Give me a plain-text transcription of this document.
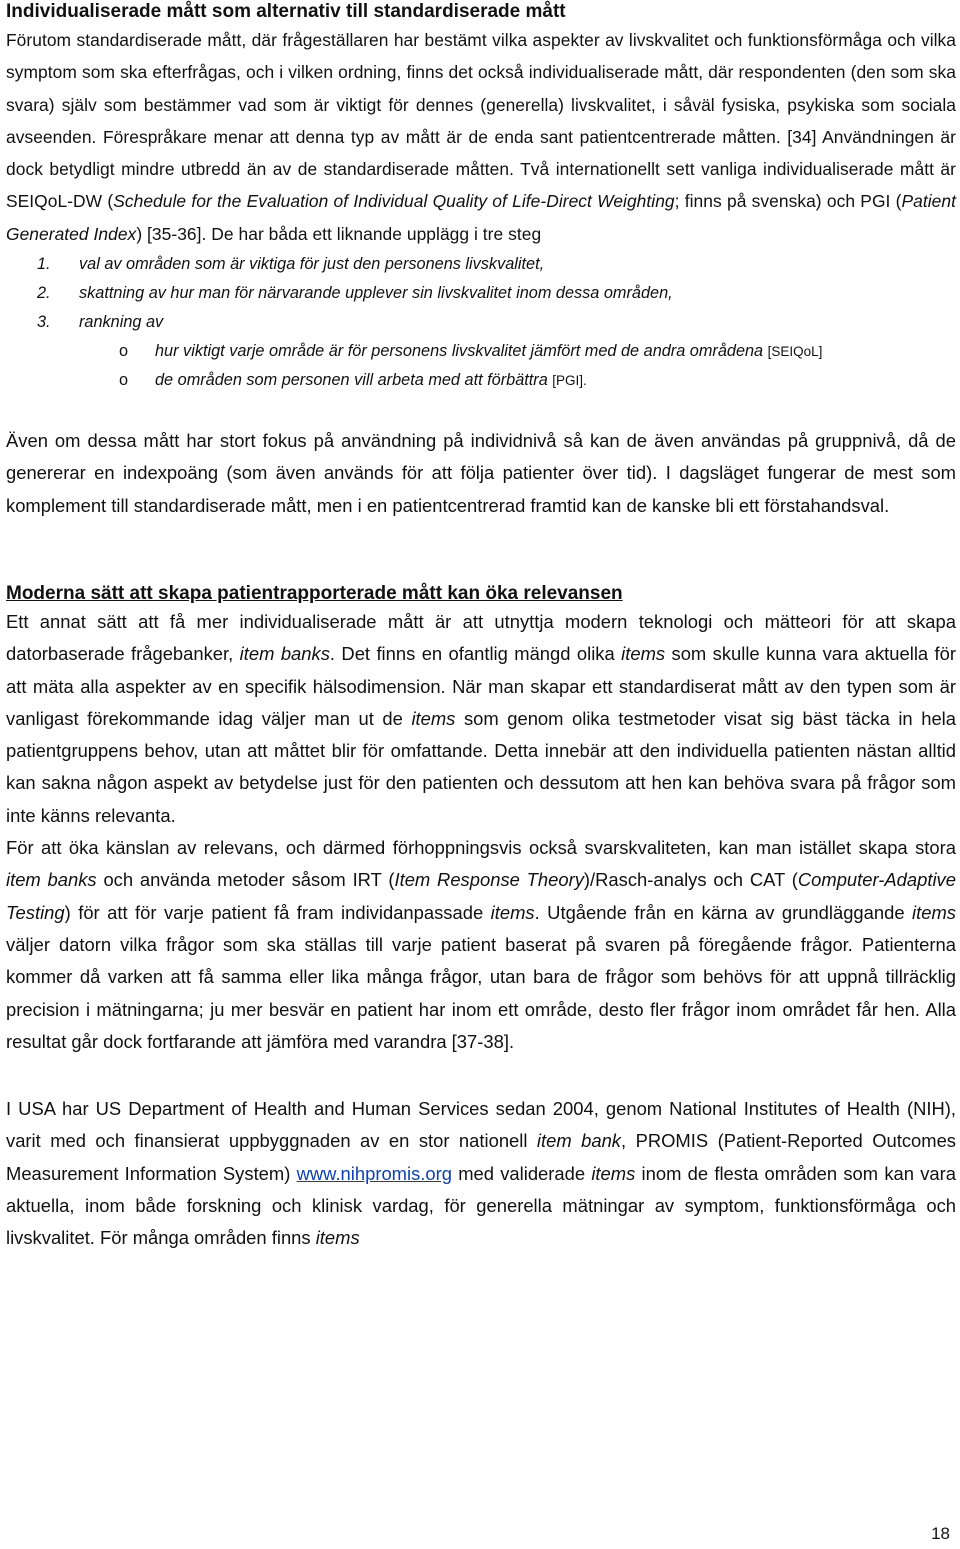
Individualiserade mått som alternativ till standardiserade mått

Förutom standardiserade mått, där frågeställaren har bestämt vilka aspekter av livskvalitet och funktionsförmåga och vilka symptom som ska efterfrågas, och i vilken ordning, finns det också individualiserade mått, där respondenten (den som ska svara) själv som bestämmer vad som är viktigt för dennes (generella) livskvalitet, i såväl fysiska, psykiska som sociala avseenden. Förespråkare menar att denna typ av mått är de enda sant patientcentrerade måtten. [34] Användningen är dock betydligt mindre utbredd än av de standardiserade måtten. Två internationellt sett vanliga individualiserade mått är SEIQoL-DW (Schedule for the Evaluation of Individual Quality of Life-Direct Weighting; finns på svenska) och PGI (Patient Generated Index) [35-36]. De har båda ett liknande upplägg i tre steg

1. val av områden som är viktiga för just den personens livskvalitet,
2. skattning av hur man för närvarande upplever sin livskvalitet inom dessa områden,
3. rankning av
o hur viktigt varje område är för personens livskvalitet jämfört med de andra områdena [SEIQoL]
o de områden som personen vill arbeta med att förbättra [PGI].

Även om dessa mått har stort fokus på användning på individnivå så kan de även användas på gruppnivå, då de genererar en indexpoäng (som även används för att följa patienter över tid). I dagsläget fungerar de mest som komplement till standardiserade mått, men i en patientcentrerad framtid kan de kanske bli ett förstahandsval.

Moderna sätt att skapa patientrapporterade mått kan öka relevansen

Ett annat sätt att få mer individualiserade mått är att utnyttja modern teknologi och mätteori för att skapa datorbaserade frågebanker, item banks. Det finns en ofantlig mängd olika items som skulle kunna vara aktuella för att mäta alla aspekter av en specifik hälsodimension. När man skapar ett standardiserat mått av den typen som är vanligast förekommande idag väljer man ut de items som genom olika testmetoder visat sig bäst täcka in hela patientgruppens behov, utan att måttet blir för omfattande. Detta innebär att den individuella patienten nästan alltid kan sakna någon aspekt av betydelse just för den patienten och dessutom att hen kan behöva svara på frågor som inte känns relevanta.

För att öka känslan av relevans, och därmed förhoppningsvis också svarskvaliteten, kan man istället skapa stora item banks och använda metoder såsom IRT (Item Response Theory)/Rasch-analys och CAT (Computer-Adaptive Testing) för att för varje patient få fram individanpassade items. Utgående från en kärna av grundläggande items väljer datorn vilka frågor som ska ställas till varje patient baserat på svaren på föregående frågor. Patienterna kommer då varken att få samma eller lika många frågor, utan bara de frågor som behövs för att uppnå tillräcklig precision i mätningarna; ju mer besvär en patient har inom ett område, desto fler frågor inom området får hen. Alla resultat går dock fortfarande att jämföra med varandra [37-38].

I USA har US Department of Health and Human Services sedan 2004, genom National Institutes of Health (NIH), varit med och finansierat uppbyggnaden av en stor nationell item bank, PROMIS (Patient-Reported Outcomes Measurement Information System) www.nihpromis.org med validerade items inom de flesta områden som kan vara aktuella, inom både forskning och klinisk vardag, för generella mätningar av symptom, funktionsförmåga och livskvalitet. För många områden finns items

18
